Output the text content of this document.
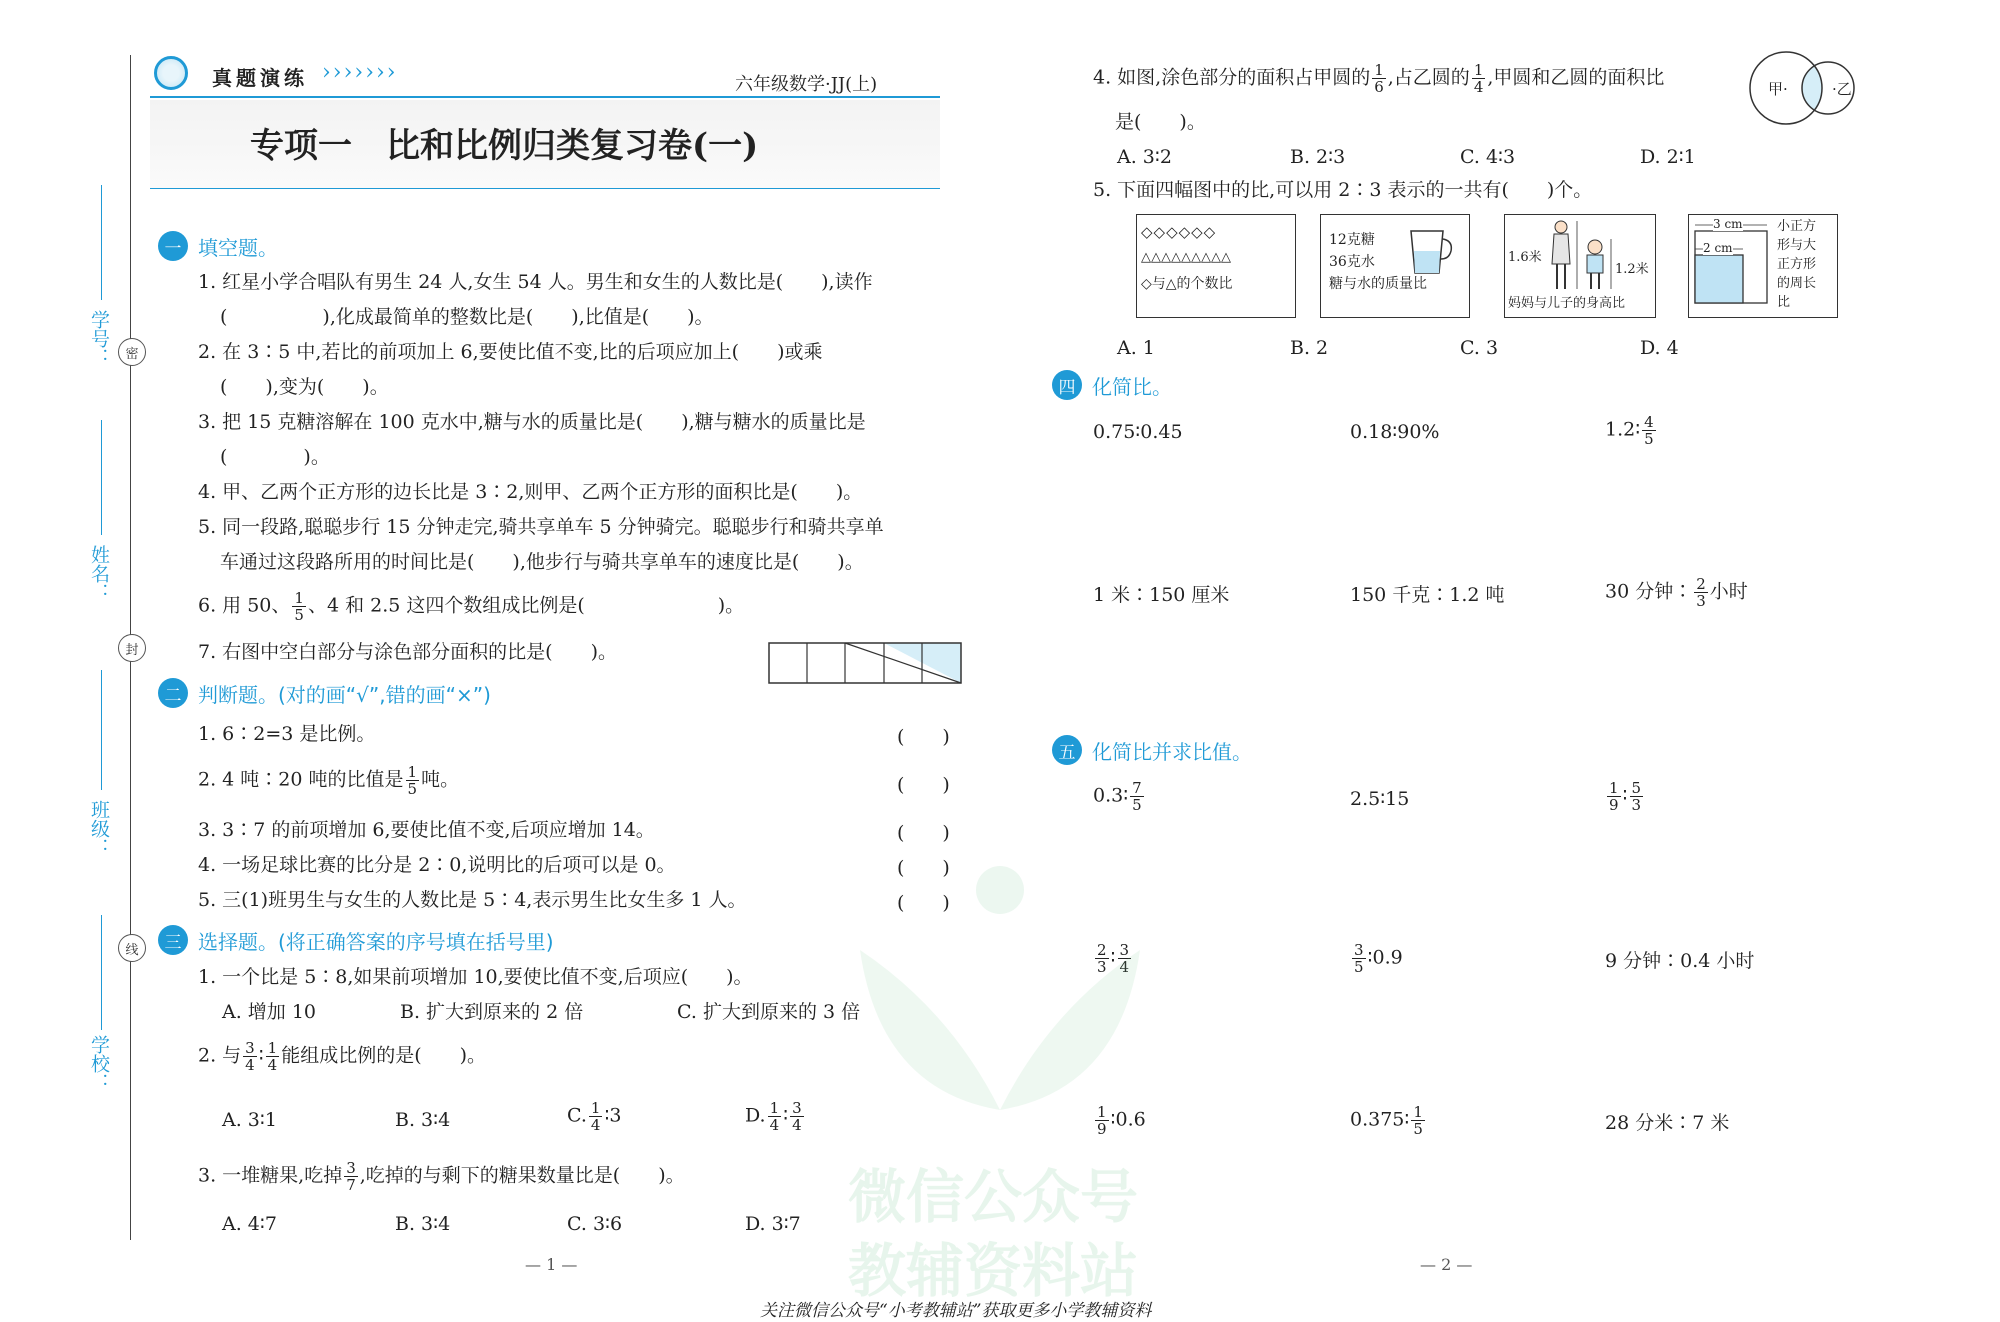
学号：
姓名：
班级：
学校：
密
封
线
真题演练 ›››››››	六年级数学·JJ(上)
专项一　比和比例归类复习卷(一)
一 填空题。
1. 红星小学合唱队有男生 24 人,女生 54 人。男生和女生的人数比是(　　),读作
(　　　　　),化成最简单的整数比是(　　),比值是(　　)。
2. 在 3∶5 中,若比的前项加上 6,要使比值不变,比的后项应加上(　　)或乘
(　　),变为(　　)。
3. 把 15 克糖溶解在 100 克水中,糖与水的质量比是(　　),糖与糖水的质量比是
(　　　　)。
4. 甲、乙两个正方形的边长比是 3∶2,则甲、乙两个正方形的面积比是(　　)。
5. 同一段路,聪聪步行 15 分钟走完,骑共享单车 5 分钟骑完。聪聪步行和骑共享单
车通过这段路所用的时间比是(　　),他步行与骑共享单车的速度比是(　　)。
6. 用 50、 $\frac{1}{5}$ 、4 和 2.5 这四个数组成比例是(　　　　　　　)。
7. 右图中空白部分与涂色部分面积的比是(　　)。
二 判断题。 (对的画“√”,错的画“×”)
1. 6∶2=3 是比例。
2. 4 吨∶20 吨的比值是 $\frac{1}{5}$ 吨。
3. 3∶7 的前项增加 6,要使比值不变,后项应增加 14。
4. 一场足球比赛的比分是 2∶0,说明比的后项可以是 0。
5. 三(1)班男生与女生的人数比是 5∶4,表示男生比女生多 1 人。
(　　)
(　　)
(　　)
(　　)
(　　)
三 选择题。 (将正确答案的序号填在括号里)
1. 一个比是 5∶8,如果前项增加 10,要使比值不变,后项应(　　)。
A. 增加 10	B. 扩大到原来的 2 倍	C. 扩大到原来的 3 倍
2. 与 $\frac{3}{4}$ ∶ $\frac{1}{4}$ 能组成比例的是(　　)。
A. 3∶1	B. 3∶4	C. $\frac{1}{4}$ ∶3	D. $\frac{1}{4}$ ∶ $\frac{3}{4}$
3. 一堆糖果,吃掉 $\frac{3}{7}$ ,吃掉的与剩下的糖果数量比是(　　)。
A. 4∶7	B. 3∶4	C. 3∶6	D. 3∶7
— 1 —
4. 如图,涂色部分的面积占甲圆的 $\frac{1}{6}$ ,占乙圆的 $\frac{1}{4}$ ,甲圆和乙圆的面积比
是(　　)。
A. 3∶2	B. 2∶3	C. 4∶3	D. 2∶1
甲·	·乙
5. 下面四幅图中的比,可以用 2∶3 表示的一共有(　　)个。
◇◇◇◇◇◇
△△△△△△△△△
◇与△的个数比
12克糖
36克水
糖与水的质量比
1.6米
1.2米
妈妈与儿子的身高比
3 cm
2 cm
小正方
形与大
正方形
的周长
比
A. 1	B. 2	C. 3	D. 4
四 化简比。
0.75∶0.45	0.18∶90%	1.2∶ $\frac{4}{5}$
1 米∶150 厘米	150 千克∶1.2 吨	30 分钟∶ $\frac{2}{3}$ 小时
五 化简比并求比值。
0.3∶ $\frac{7}{5}$	2.5∶15	$\frac{1}{9}$ ∶ $\frac{5}{3}$
$\frac{2}{3}$ ∶ 3	$\frac{3}{5}$ ∶0.9	9 分钟∶0.4 小时
$\frac{1}{9}$ ∶0.6	0.375∶ $\frac{1}{5}$	28 分米∶7 米
— 2 —
微信公众号
教辅资料站
关注微信公众号“小考教辅站”获取更多小学教辅资料
